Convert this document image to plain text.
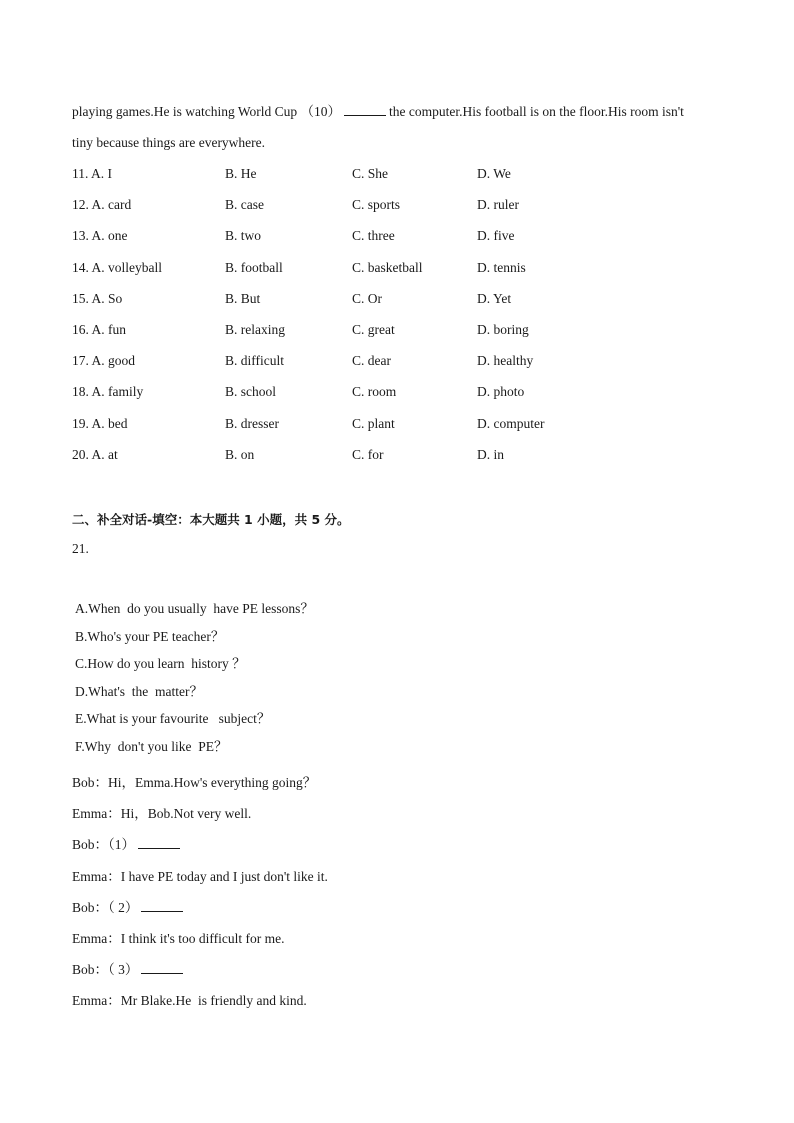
playing games.He is watching World Cup （10）	the computer.His football is on the floor.His room isn't
tiny because things are everywhere.
11. A. I	B. He	C. She	D. We
12. A. card	B. case	C. sports	D. ruler
13. A. one	B. two	C. three	D. five
14. A. volleyball	B. football	C. basketball	D. tennis
15. A. So	B. But	C. Or	D. Yet
16. A. fun	B. relaxing	C. great	D. boring
17. A. good	B. difficult	C. dear	D. healthy
18. A. family	B. school	C. room	D. photo
19. A. bed	B. dresser	C. plant	D. computer
20. A. at	B. on	C. for	D. in
二、补全对话-填空：本大题共 1 小题，共 5 分。
21.
A.When  do you usually  have PE lessons？
B.Who's your PE teacher？
C.How do you learn  history ？
D.What's  the  matter？
E.What is your favourite   subject？
F.Why  don't you like  PE？
Bob：Hi，Emma.How's everything going？
Emma：Hi，Bob.Not very well.
Bob：（1）
Emma：I have PE today and I just don't like it.
Bob：（ 2）
Emma：I think it's too difficult for me.
Bob：（ 3）
Emma：Mr Blake.He  is friendly and kind.
